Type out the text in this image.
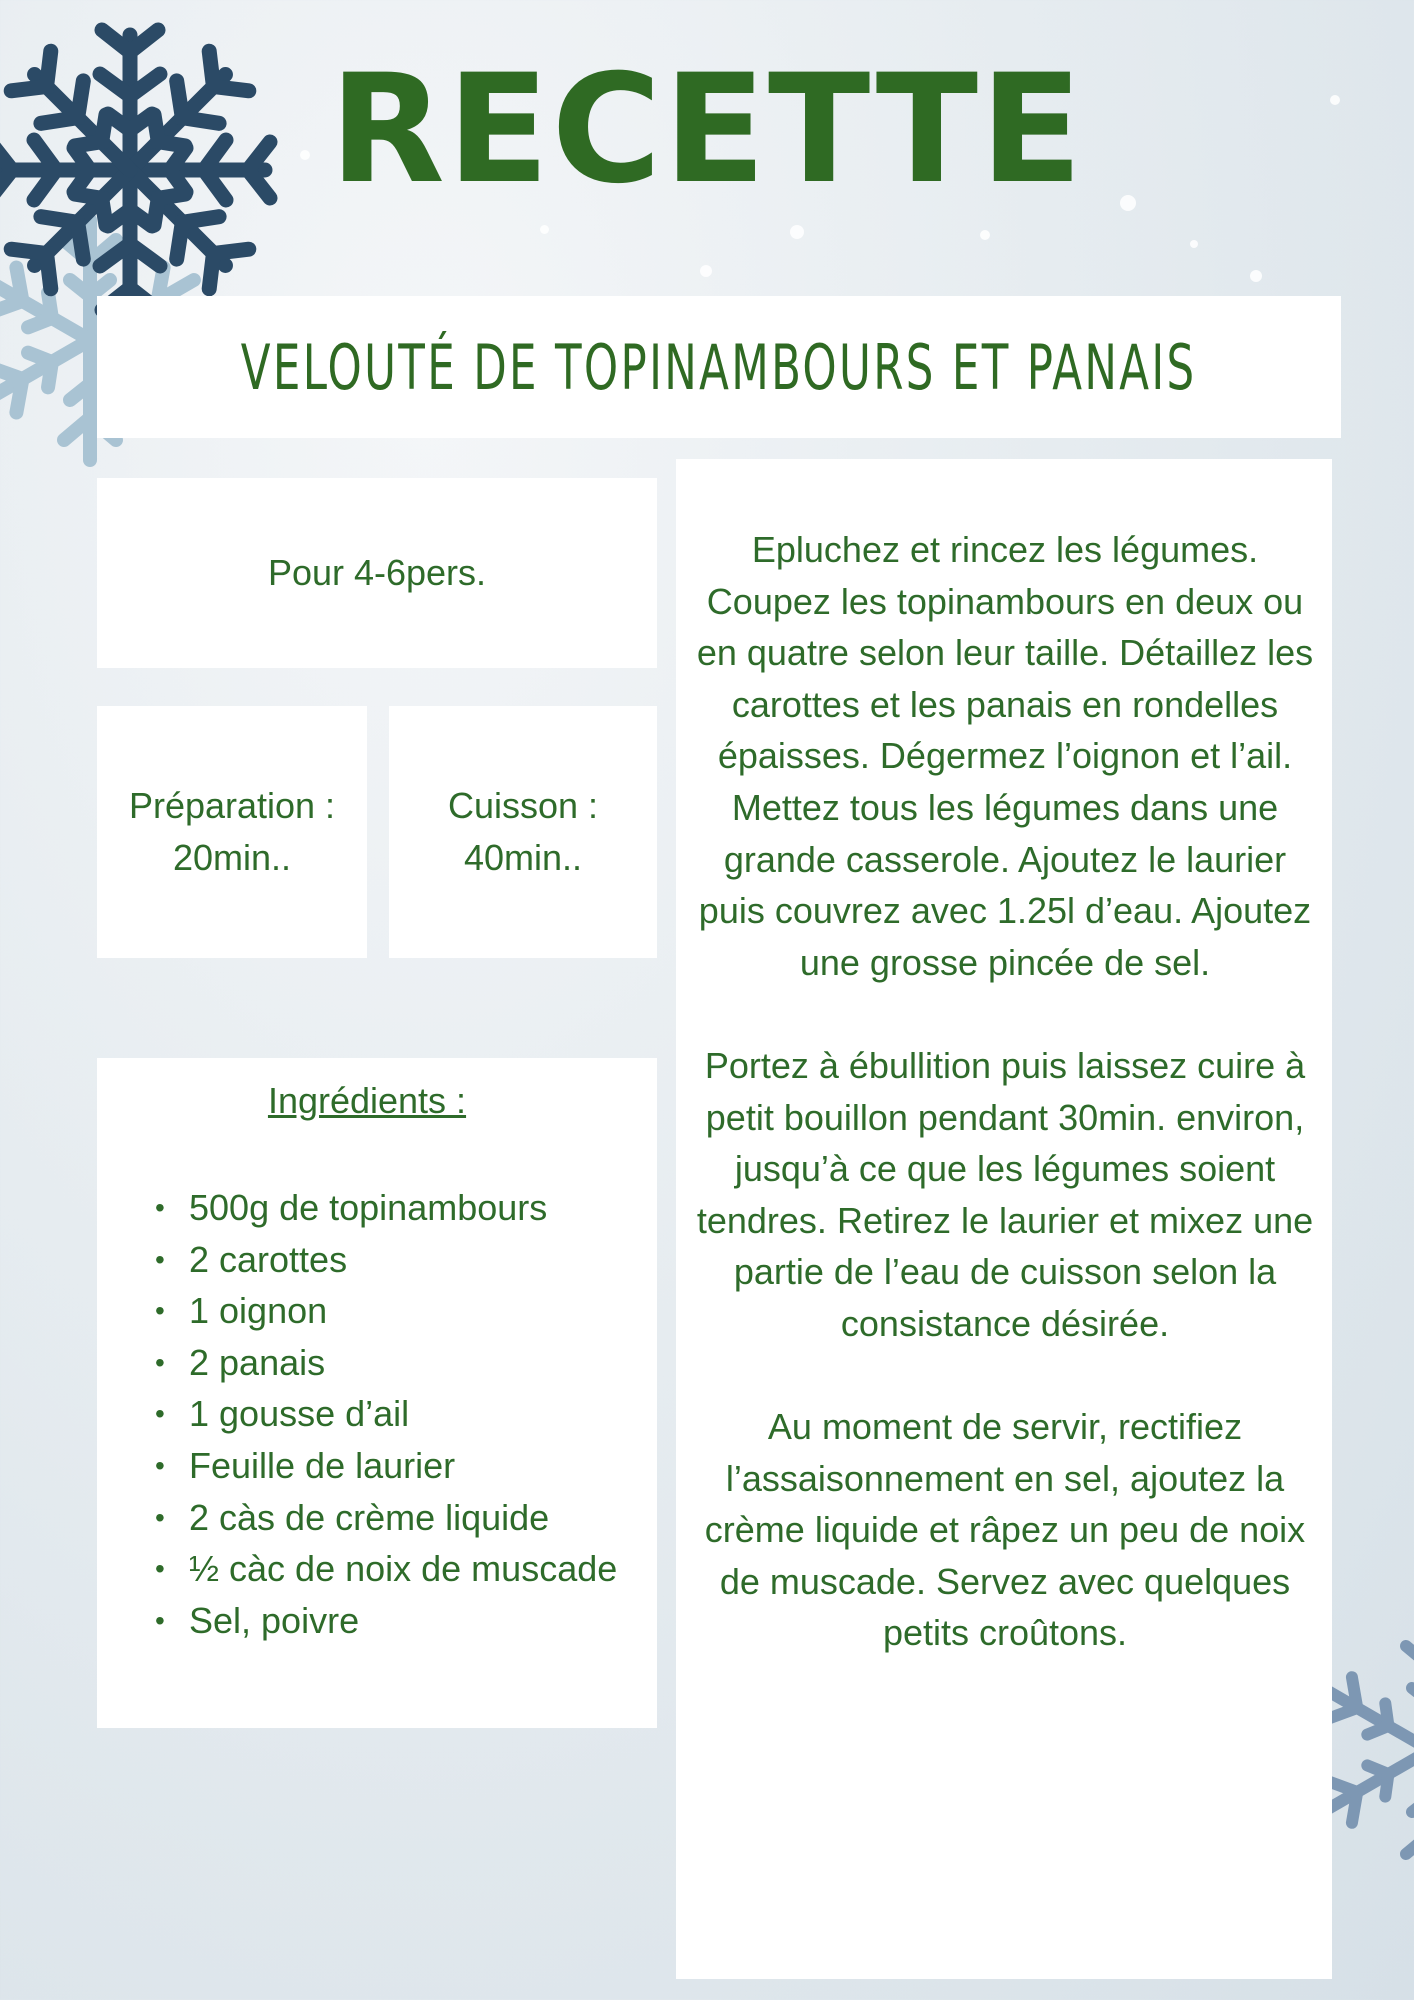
RECETTE
VELOUTÉ DE TOPINAMBOURS ET PANAIS
Pour 4-6pers.
Préparation :
20min..
Cuisson :
40min..
Ingrédients :
• 500g de topinambours
• 2 carottes
• 1 oignon
• 2 panais
• 1 gousse d’ail
• Feuille de laurier
• 2 càs de crème liquide
• ½ càc de noix de muscade
• Sel, poivre

Epluchez et rincez les légumes. Coupez les topinambours en deux ou en quatre selon leur taille. Détaillez les carottes et les panais en rondelles épaisses. Dégermez l’oignon et l’ail. Mettez tous les légumes dans une grande casserole. Ajoutez le laurier puis couvrez avec 1.25l d’eau. Ajoutez une grosse pincée de sel.

Portez à ébullition puis laissez cuire à petit bouillon pendant 30min. environ, jusqu’à ce que les légumes soient tendres. Retirez le laurier et mixez une partie de l’eau de cuisson selon la consistance désirée.

Au moment de servir, rectifiez l’assaisonnement en sel, ajoutez la crème liquide et râpez un peu de noix de muscade. Servez avec quelques petits croûtons.
